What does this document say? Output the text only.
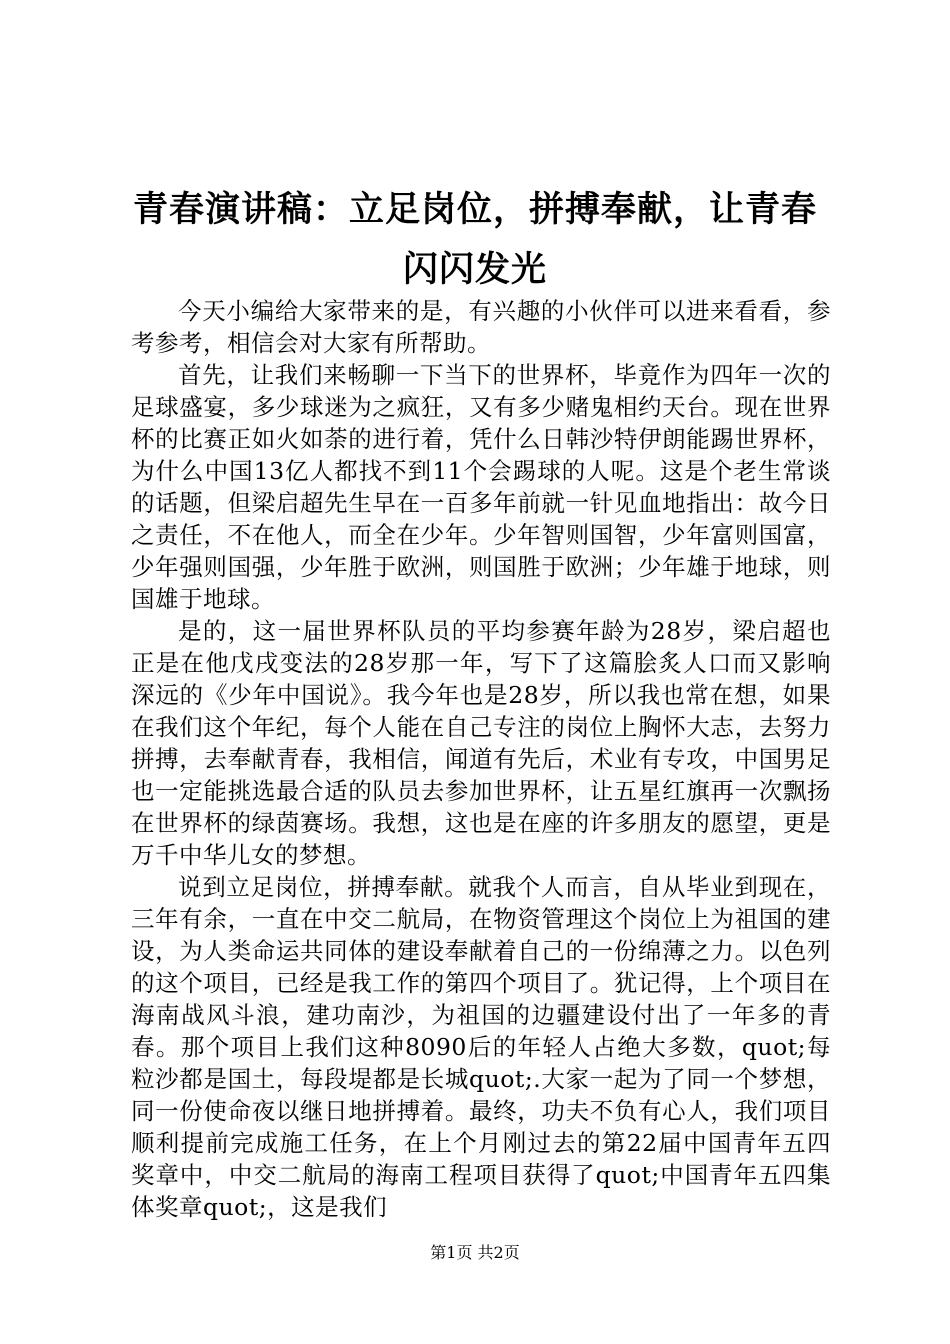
青春演讲稿：立足岗位，拼搏奉献，让青春闪闪发光

今天小编给大家带来的是，有兴趣的小伙伴可以进来看看，参考参考，相信会对大家有所帮助。

首先，让我们来畅聊一下当下的世界杯，毕竟作为四年一次的足球盛宴，多少球迷为之疯狂，又有多少赌鬼相约天台。现在世界杯的比赛正如火如荼的进行着，凭什么日韩沙特伊朗能踢世界杯，为什么中国13亿人都找不到11个会踢球的人呢。这是个老生常谈的话题，但梁启超先生早在一百多年前就一针见血地指出：故今日之责任，不在他人，而全在少年。少年智则国智，少年富则国富，少年强则国强，少年胜于欧洲，则国胜于欧洲；少年雄于地球，则国雄于地球。

是的，这一届世界杯队员的平均参赛年龄为28岁，梁启超也正是在他戊戌变法的28岁那一年，写下了这篇脍炙人口而又影响深远的《少年中国说》。我今年也是28岁，所以我也常在想，如果在我们这个年纪，每个人能在自己专注的岗位上胸怀大志，去努力拼搏，去奉献青春，我相信，闻道有先后，术业有专攻，中国男足也一定能挑选最合适的队员去参加世界杯，让五星红旗再一次飘扬在世界杯的绿茵赛场。我想，这也是在座的许多朋友的愿望，更是万千中华儿女的梦想。

说到立足岗位，拼搏奉献。就我个人而言，自从毕业到现在，三年有余，一直在中交二航局，在物资管理这个岗位上为祖国的建设，为人类命运共同体的建设奉献着自己的一份绵薄之力。以色列的这个项目，已经是我工作的第四个项目了。犹记得，上个项目在海南战风斗浪，建功南沙，为祖国的边疆建设付出了一年多的青春。那个项目上我们这种8090后的年轻人占绝大多数，quot;每粒沙都是国土，每段堤都是长城quot;.大家一起为了同一个梦想，同一份使命夜以继日地拼搏着。最终，功夫不负有心人，我们项目顺利提前完成施工任务，在上个月刚过去的第22届中国青年五四奖章中，中交二航局的海南工程项目获得了quot;中国青年五四集体奖章quot;，这是我们

第1页 共2页
